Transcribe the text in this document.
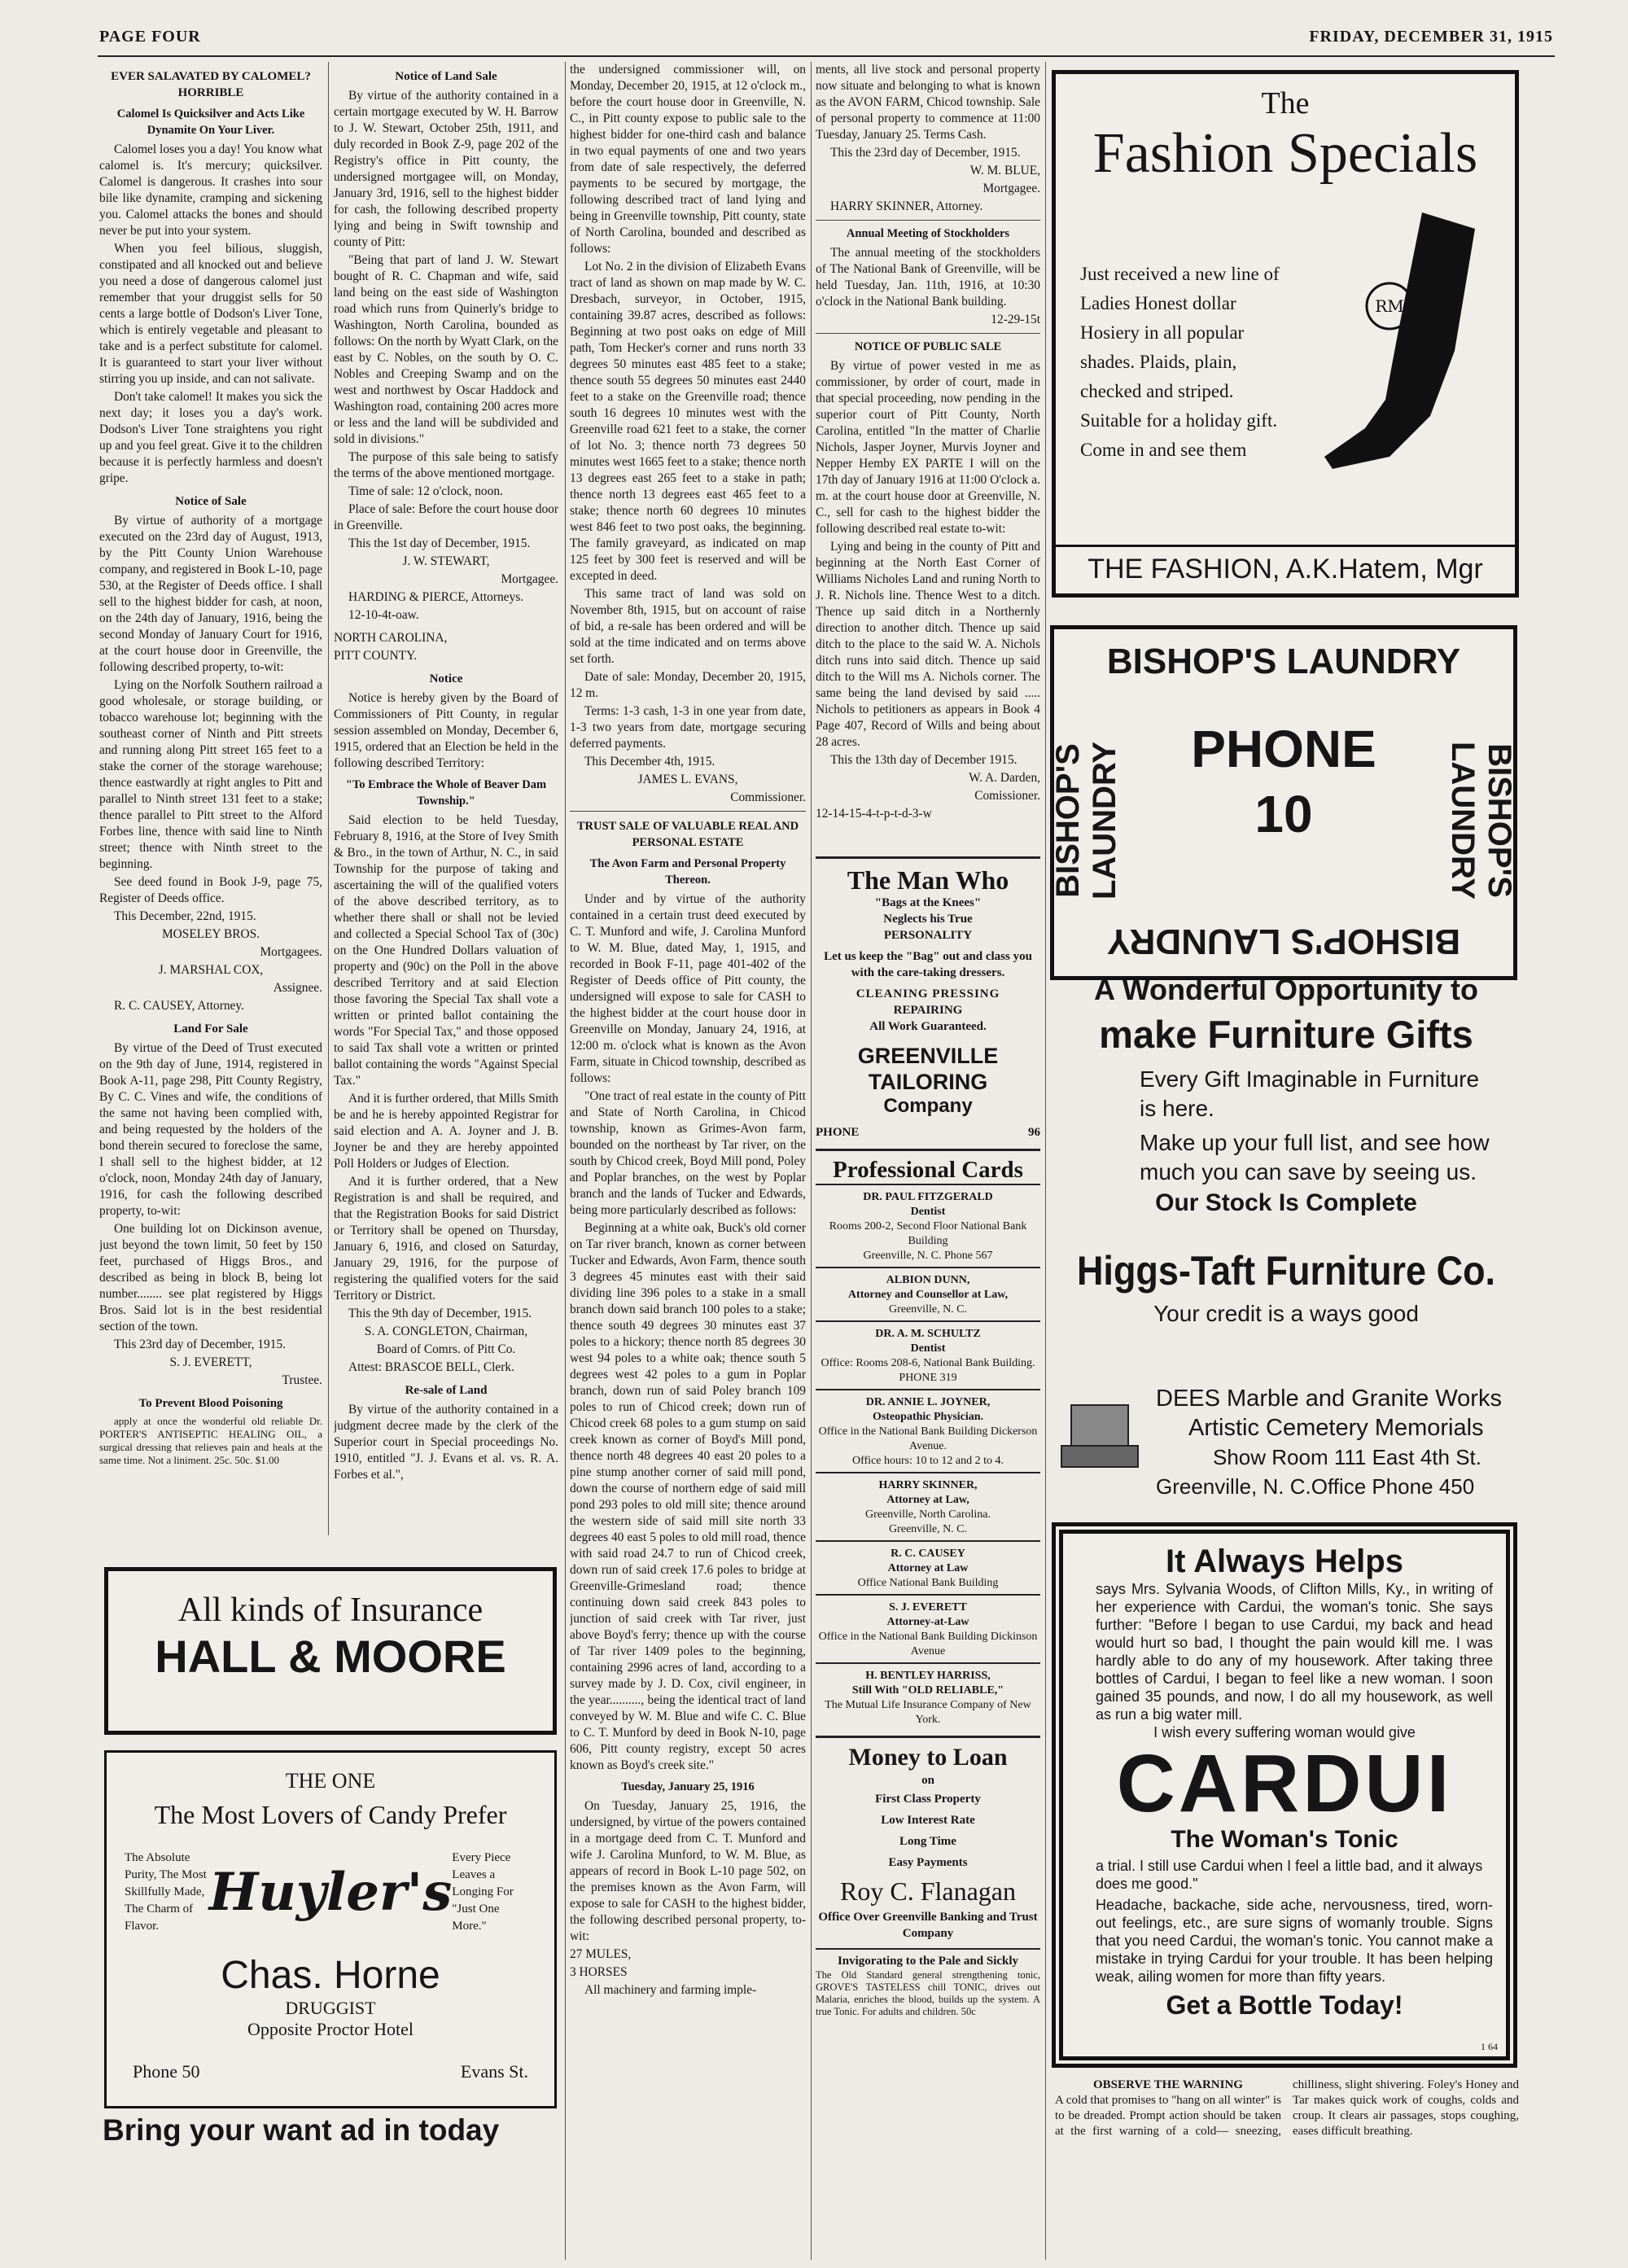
PAGE FOUR	FRIDAY, DECEMBER 31, 1915
EVER SALAVATED BY CALOMEL? HORRIBLE
Calomel Is Quicksilver and Acts Like Dynamite On Your Liver.

Calomel loses you a day! You know what calomel is. It's mercury; quicksilver. Calomel is dangerous. It crashes into sour bile like dynamite, cramping and sickening you. Calomel attacks the bones and should never be put into your system.

When you feel bilious, sluggish, constipated and all knocked out and believe you need a dose of dangerous calomel just remember that your druggist sells for 50 cents a large bottle of Dodson's Liver Tone, which is entirely vegetable and pleasant to take and is a perfect substitute for calomel. It is guaranteed to start your liver without stirring you up inside, and can not salivate.

Don't take calomel! It makes you sick the next day; it loses you a day's work. Dodson's Liver Tone straightens you right up and you feel great. Give it to the children because it is perfectly harmless and doesn't gripe.

Notice of Sale

By virtue of authority of a mortgage executed on the 23rd day of August, 1913, by the Pitt County Union Warehouse company, and registered in Book L-10, page 530, at the Register of Deeds office. I shall sell to the highest bidder for cash, at noon, on the 24th day of January, 1916, being the second Monday of January Court for 1916, at the court house door in Greenville, the following described property, to-wit:

Lying on the Norfolk Southern railroad a good wholesale, or storage building, or tobacco warehouse lot; beginning with the southeast corner of Ninth and Pitt streets and running along Pitt street 165 feet to a stake the corner of the storage warehouse; thence eastwardly at right angles to Pitt and parallel to Ninth street 131 feet to a stake; thence parallel to Pitt street to the Alford Forbes line, thence with said line to Ninth street; thence with Ninth street to the beginning.

See deed found in Book J-9, page 75, Register of Deeds office.

This December, 22nd, 1915.

MOSELEY BROS.

Mortgagees.

J. MARSHAL COX,

Assignee.

R. C. CAUSEY, Attorney.

Land For Sale

By virtue of the Deed of Trust executed on the 9th day of June, 1914, registered in Book A-11, page 298, Pitt County Registry, By C. C. Vines and wife, the conditions of the same not having been complied with, and being requested by the holders of the bond therein secured to foreclose the same, I shall sell to the highest bidder, at 12 o'clock, noon, Monday 24th day of January, 1916, for cash the following described property, to-wit:

One building lot on Dickinson avenue, just beyond the town limit, 50 feet by 150 feet, purchased of Higgs Bros., and described as being in block B, being lot number........ see plat registered by Higgs Bros. Said lot is in the best residential section of the town.

This 23rd day of December, 1915.

S. J. EVERETT,

Trustee.

To Prevent Blood Poisoning

apply at once the wonderful old reliable Dr. PORTER'S ANTISEPTIC HEALING OIL, a surgical dressing that relieves pain and heals at the same time. Not a liniment. 25c. 50c. $1.00

Notice of Land Sale

By virtue of the authority contained in a certain mortgage executed by W. H. Barrow to J. W. Stewart, October 25th, 1911, and duly recorded in Book Z-9, page 202 of the Registry's office in Pitt county, the undersigned mortgagee will, on Monday, January 3rd, 1916, sell to the highest bidder for cash, the following described property lying and being in Swift township and county of Pitt:

"Being that part of land J. W. Stewart bought of R. C. Chapman and wife, said land being on the east side of Washington road which runs from Quinerly's bridge to Washington, North Carolina, bounded as follows: On the north by Wyatt Clark, on the east by C. Nobles, on the south by O. C. Nobles and Creeping Swamp and on the west and northwest by Oscar Haddock and Washington road, containing 200 acres more or less and the land will be subdivided and sold in divisions."

The purpose of this sale being to satisfy the terms of the above mentioned mortgage.

Time of sale: 12 o'clock, noon.

Place of sale: Before the court house door in Greenville.

This the 1st day of December, 1915.

J. W. STEWART,

Mortgagee.

HARDING & PIERCE, Attorneys.

12-10-4t-oaw.

NORTH CAROLINA,

PITT COUNTY.

Notice

Notice is hereby given by the Board of Commissioners of Pitt County, in regular session assembled on Monday, December 6, 1915, ordered that an Election be held in the following described Territory:

"To Embrace the Whole of Beaver Dam Township."

Said election to be held Tuesday, February 8, 1916, at the Store of Ivey Smith & Bro., in the town of Arthur, N. C., in said Township for the purpose of taking and ascertaining the will of the qualified voters of the above described territory, as to whether there shall or shall not be levied and collected a Special School Tax of (30c) on the One Hundred Dollars valuation of property and (90c) on the Poll in the above described Territory and at said Election those favoring the Special Tax shall vote a written or printed ballot containing the words "For Special Tax," and those opposed to said Tax shall vote a written or printed ballot containing the words "Against Special Tax."

And it is further ordered, that Mills Smith be and he is hereby appointed Registrar for said election and A. A. Joyner and J. B. Joyner be and they are hereby appointed Poll Holders or Judges of Election.

And it is further ordered, that a New Registration is and shall be required, and that the Registration Books for said District or Territory shall be opened on Thursday, January 6, 1916, and closed on Saturday, January 29, 1916, for the purpose of registering the qualified voters for the said Territory or District.

This the 9th day of December, 1915.

S. A. CONGLETON, Chairman,

Board of Comrs. of Pitt Co.

Attest: BRASCOE BELL, Clerk.

Re-sale of Land

By virtue of the authority contained in a judgment decree made by the clerk of the Superior court in Special proceedings No. 1910, entitled "J. J. Evans et al. vs. R. A. Forbes et al.",

the undersigned commissioner will, on Monday, December 20, 1915, at 12 o'clock m., before the court house door in Greenville, N. C., in Pitt county expose to public sale to the highest bidder for one-third cash and balance in two equal payments of one and two years from date of sale respectively, the deferred payments to be secured by mortgage, the following described tract of land lying and being in Greenville township, Pitt county, state of North Carolina, bounded and described as follows:

Lot No. 2 in the division of Elizabeth Evans tract of land as shown on map made by W. C. Dresbach, surveyor, in October, 1915, containing 39.87 acres, described as follows: Beginning at two post oaks on edge of Mill path, Tom Hecker's corner and runs north 33 degrees 50 minutes east 485 feet to a stake; thence south 55 degrees 50 minutes east 2440 feet to a stake on the Greenville road; thence south 16 degrees 10 minutes west with the Greenville road 621 feet to a stake, the corner of lot No. 3; thence north 73 degrees 50 minutes west 1665 feet to a stake; thence north 13 degrees east 265 feet to a stake in path; thence north 13 degrees east 465 feet to a stake; thence north 60 degrees 10 minutes west 846 feet to two post oaks, the beginning. The family graveyard, as indicated on map 125 feet by 300 feet is reserved and will be excepted in deed.

This same tract of land was sold on November 8th, 1915, but on account of raise of bid, a re-sale has been ordered and will be sold at the time indicated and on terms above set forth.

Date of sale: Monday, December 20, 1915, 12 m.

Terms: 1-3 cash, 1-3 in one year from date, 1-3 two years from date, mortgage securing deferred payments.

This December 4th, 1915.

JAMES L. EVANS,

Commissioner.

TRUST SALE OF VALUABLE REAL AND PERSONAL ESTATE
The Avon Farm and Personal Property Thereon.

Under and by virtue of the authority contained in a certain trust deed executed by C. T. Munford and wife, J. Carolina Munford to W. M. Blue, dated May, 1, 1915, and recorded in Book F-11, page 401-402 of the Register of Deeds office of Pitt county, the undersigned will expose to sale for CASH to the highest bidder at the court house door in Greenville on Monday, January 24, 1916, at 12:00 m. o'clock what is known as the Avon Farm, situate in Chicod township, described as follows:

"One tract of real estate in the county of Pitt and State of North Carolina, in Chicod township, known as Grimes-Avon farm, bounded on the northeast by Tar river, on the south by Chicod creek, Boyd Mill pond, Poley and Poplar branches, on the west by Poplar branch and the lands of Tucker and Edwards, being more particularly described as follows:

Beginning at a white oak, Buck's old corner on Tar river branch, known as corner between Tucker and Edwards, Avon Farm, thence south 3 degrees 45 minutes east with their said dividing line 396 poles to a stake in a small branch down said branch 100 poles to a stake; thence south 49 degrees 30 minutes east 37 poles to a hickory; thence north 85 degrees 30 west 94 poles to a white oak; thence south 5 degrees west 42 poles to a gum in Poplar branch, down run of said Poley branch 109 poles to run of Chicod creek; down run of Chicod creek 68 poles to a gum stump on said creek known as corner of Boyd's Mill pond, thence north 48 degrees 40 east 20 poles to a pine stump another corner of said mill pond, down the course of northern edge of said mill pond 293 poles to old mill site; thence around the western side of said mill site north 33 degrees 40 east 5 poles to old mill road, thence with said road 24.7 to run of Chicod creek, down run of said creek 17.6 poles to bridge at Greenville-Grimesland road; thence continuing down said creek 843 poles to junction of said creek with Tar river, just above Boyd's ferry; thence up with the course of Tar river 1409 poles to the beginning, containing 2996 acres of land, according to a survey made by J. D. Cox, civil engineer, in the year.........., being the identical tract of land conveyed by W. M. Blue and wife C. C. Blue to C. T. Munford by deed in Book N-10, page 606, Pitt county registry, except 50 acres known as Boyd's creek site."

Tuesday, January 25, 1916

On Tuesday, January 25, 1916, the undersigned, by virtue of the powers contained in a mortgage deed from C. T. Munford and wife J. Carolina Munford, to W. M. Blue, as appears of record in Book L-10 page 502, on the premises known as the Avon Farm, will expose to sale for CASH to the highest bidder, the following described personal property, to-wit:

27 MULES,

3 HORSES

All machinery and farming imple-

ments, all live stock and personal property now situate and belonging to what is known as the AVON FARM, Chicod township. Sale of personal property to commence at 11:00 Tuesday, January 25. Terms Cash.

This the 23rd day of December, 1915.

W. M. BLUE,

Mortgagee.

HARRY SKINNER, Attorney.

Annual Meeting of Stockholders

The annual meeting of the stockholders of The National Bank of Greenville, will be held Tuesday, Jan. 11th, 1916, at 10:30 o'clock in the National Bank building.

12-29-15t

NOTICE OF PUBLIC SALE

By virtue of power vested in me as commissioner, by order of court, made in that special proceeding, now pending in the superior court of Pitt County, North Carolina, entitled "In the matter of Charlie Nichols, Jasper Joyner, Murvis Joyner and Nepper Hemby EX PARTE I will on the 17th day of January 1916 at 11:00 O'clock a. m. at the court house door at Greenville, N. C., sell for cash to the highest bidder the following described real estate to-wit:

Lying and being in the county of Pitt and beginning at the North East Corner of Williams Nicholes Land and runing North to J. R. Nichols line. Thence West to a ditch. Thence up said ditch in a Northernly direction to another ditch. Thence up said ditch to the place to the said W. A. Nichols ditch runs into said ditch. Thence up said ditch to the Will ms A. Nichols corner. The same being the land devised by said ..... Nichols to petitioners as appears in Book 4 Page 407, Record of Wills and being about 28 acres.

This the 13th day of December 1915.

W. A. Darden,

Comissioner.

12-14-15-4-t-p-t-d-3-w

The Man Who
"Bags at the Knees"
Neglects his True
PERSONALITY
Let us keep the "Bag" out and class you with the care-taking dressers.
CLEANING PRESSING
REPAIRING
All Work Guaranteed.
GREENVILLE TAILORING
Company
PHONE	96
Professional Cards
DR. PAUL FITZGERALD
Dentist
Rooms 200-2, Second Floor National Bank Building
Greenville, N. C. Phone 567
ALBION DUNN,
Attorney and Counsellor at Law,
Greenville, N. C.
DR. A. M. SCHULTZ
Dentist
Office: Rooms 208-6, National Bank Building.
PHONE 319
DR. ANNIE L. JOYNER,
Osteopathic Physician.
Office in the National Bank Building Dickerson Avenue.
Office hours: 10 to 12 and 2 to 4.
HARRY SKINNER,
Attorney at Law,
Greenville, North Carolina.
Greenville, N. C.
R. C. CAUSEY
Attorney at Law
Office National Bank Building
S. J. EVERETT
Attorney-at-Law
Office in the National Bank Building Dickinson Avenue
H. BENTLEY HARRISS,
Still With "OLD RELIABLE,"
The Mutual Life Insurance Company of New York.
Money to Loan
on
First Class Property
Low Interest Rate
Long Time
Easy Payments
Roy C. Flanagan
Office Over Greenville Banking and Trust Company
Invigorating to the Pale and Sickly
The Old Standard general strengthening tonic, GROVE'S TASTELESS chill TONIC, drives out Malaria, enriches the blood, builds up the system. A true Tonic. For adults and children. 50c
All kinds of Insurance
HALL & MOORE
THE ONE
The Most Lovers of Candy Prefer
The Absolute Purity, The Most Skillfully Made, The Charm of Flavor.
Huyler's
Every Piece Leaves a Longing For "Just One More."
Chas. Horne
DRUGGIST
Opposite Proctor Hotel
Phone 50	Evans St.
Bring your want ad in today
The
Fashion Specials
Just received a new line of Ladies Honest dollar Hosiery in all popular shades. Plaids, plain, checked and striped. Suitable for a holiday gift. Come in and see them
RM
THE FASHION, A.K.Hatem, Mgr
BISHOP'S LAUNDRY
PHONE
10
BISHOP'S LAUNDRY
BISHOP'S LAUNDRY	BISHOP'S LAUNDRY
A Wonderful Opportunity to
make Furniture Gifts
Every Gift Imaginable in Furniture is here.
Make up your full list, and see how much you can save by seeing us.
Our Stock Is Complete
Higgs-Taft Furniture Co.
Your credit is a ways good
DEES Marble and Granite Works
Artistic Cemetery Memorials
Show Room 111 East 4th St.
Greenville, N. C.Office Phone 450
It Always Helps
says Mrs. Sylvania Woods, of Clifton Mills, Ky., in writing of her experience with Cardui, the woman's tonic. She says further: "Before I began to use Cardui, my back and head would hurt so bad, I thought the pain would kill me. I was hardly able to do any of my housework. After taking three bottles of Cardui, I began to feel like a new woman. I soon gained 35 pounds, and now, I do all my housework, as well as run a big water mill.
I wish every suffering woman would give
CARDUI
The Woman's Tonic
a trial. I still use Cardui when I feel a little bad, and it always does me good."
Headache, backache, side ache, nervousness, tired, worn-out feelings, etc., are sure signs of womanly trouble. Signs that you need Cardui, the woman's tonic. You cannot make a mistake in trying Cardui for your trouble. It has been helping weak, ailing women for more than fifty years.
Get a Bottle Today!
1 64
OBSERVE THE WARNING
A cold that promises to "hang on all winter" is to be dreaded. Prompt action should be taken at the first warning of a cold— sneezing, chilliness, slight shivering. Foley's Honey and Tar makes quick work of coughs, colds and croup. It clears air passages, stops coughing, eases difficult breathing.
